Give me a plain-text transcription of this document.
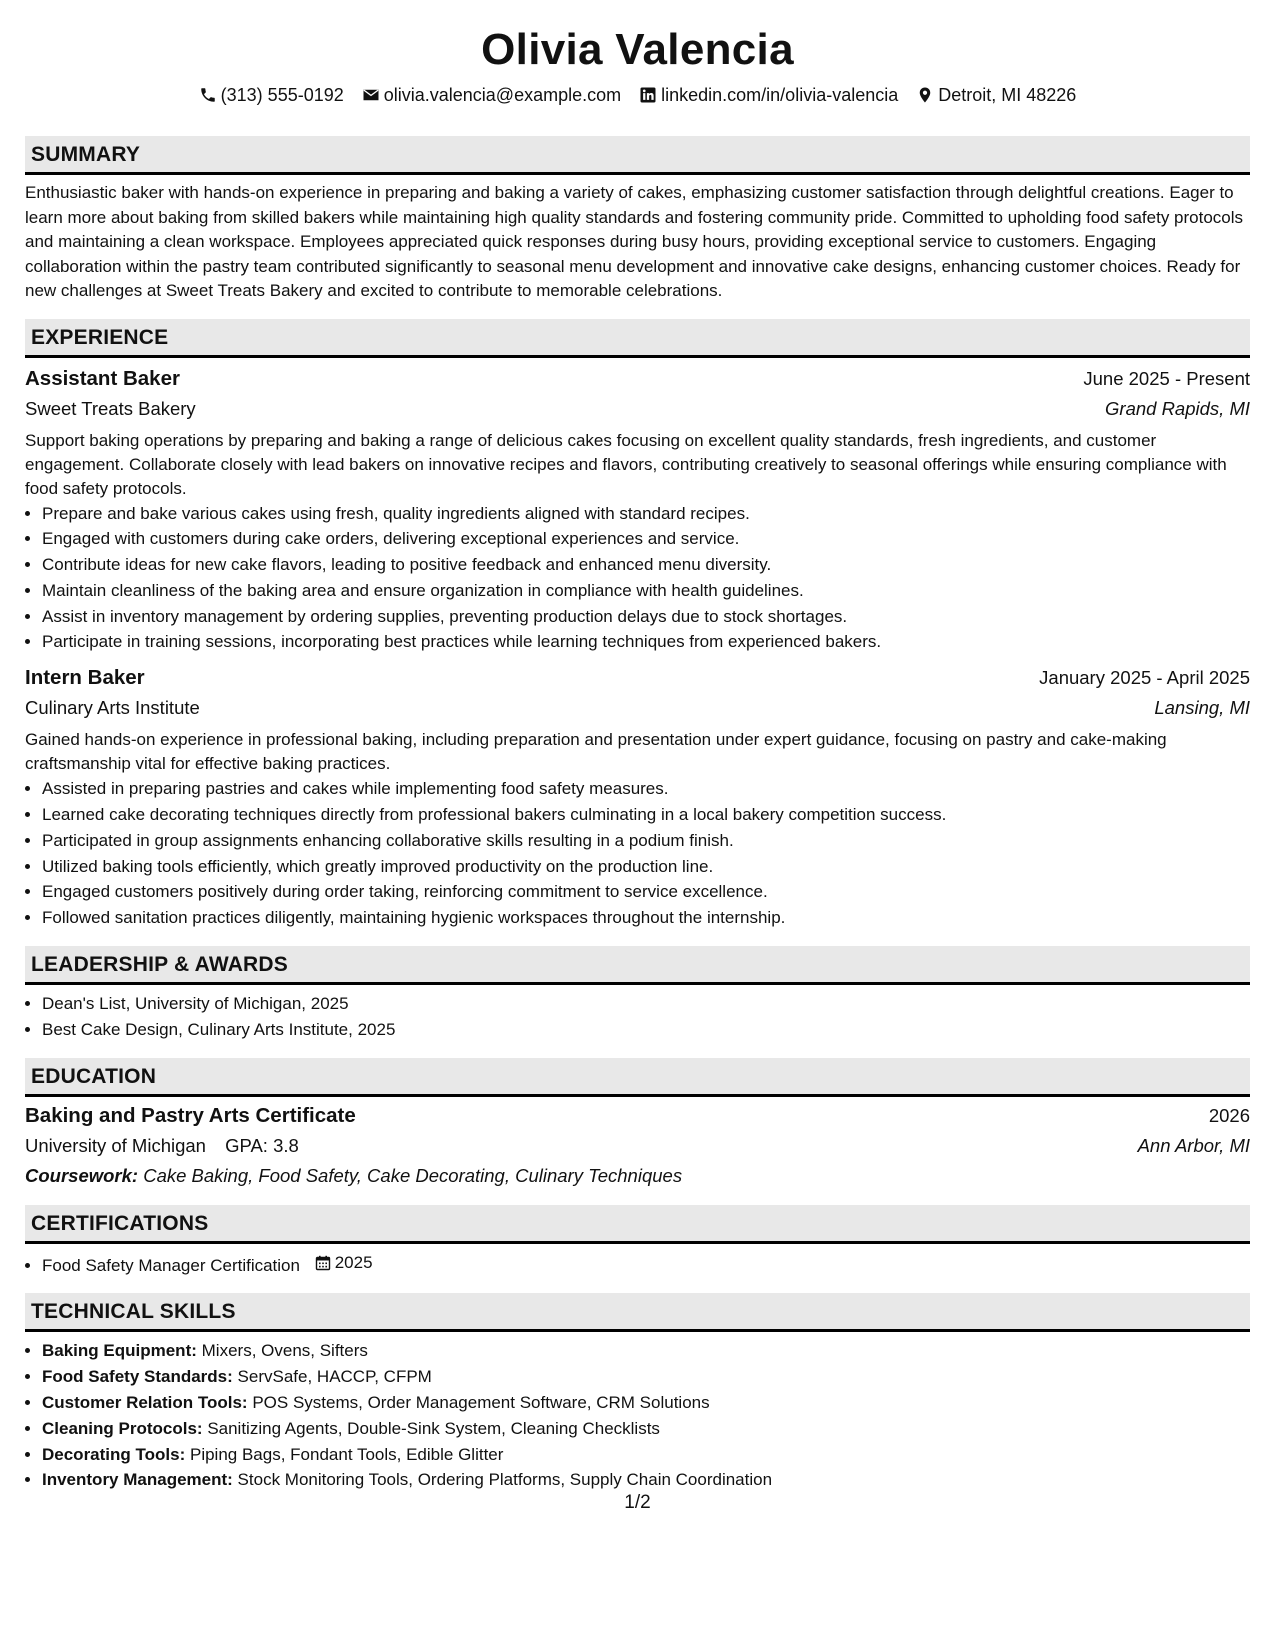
Olivia Valencia
(313) 555-0192 olivia.valencia@example.com linkedin.com/in/olivia-valencia Detroit, MI 48226
SUMMARY
Enthusiastic baker with hands-on experience in preparing and baking a variety of cakes, emphasizing customer satisfaction through delightful creations. Eager to learn more about baking from skilled bakers while maintaining high quality standards and fostering community pride. Committed to upholding food safety protocols and maintaining a clean workspace. Employees appreciated quick responses during busy hours, providing exceptional service to customers. Engaging collaboration within the pastry team contributed significantly to seasonal menu development and innovative cake designs, enhancing customer choices. Ready for new challenges at Sweet Treats Bakery and excited to contribute to memorable celebrations.
EXPERIENCE
Assistant Baker	June 2025 - Present
Sweet Treats Bakery	Grand Rapids, MI
Support baking operations by preparing and baking a range of delicious cakes focusing on excellent quality standards, fresh ingredients, and customer engagement. Collaborate closely with lead bakers on innovative recipes and flavors, contributing creatively to seasonal offerings while ensuring compliance with food safety protocols.
• Prepare and bake various cakes using fresh, quality ingredients aligned with standard recipes.
• Engaged with customers during cake orders, delivering exceptional experiences and service.
• Contribute ideas for new cake flavors, leading to positive feedback and enhanced menu diversity.
• Maintain cleanliness of the baking area and ensure organization in compliance with health guidelines.
• Assist in inventory management by ordering supplies, preventing production delays due to stock shortages.
• Participate in training sessions, incorporating best practices while learning techniques from experienced bakers.
Intern Baker	January 2025 - April 2025
Culinary Arts Institute	Lansing, MI
Gained hands-on experience in professional baking, including preparation and presentation under expert guidance, focusing on pastry and cake-making craftsmanship vital for effective baking practices.
• Assisted in preparing pastries and cakes while implementing food safety measures.
• Learned cake decorating techniques directly from professional bakers culminating in a local bakery competition success.
• Participated in group assignments enhancing collaborative skills resulting in a podium finish.
• Utilized baking tools efficiently, which greatly improved productivity on the production line.
• Engaged customers positively during order taking, reinforcing commitment to service excellence.
• Followed sanitation practices diligently, maintaining hygienic workspaces throughout the internship.
LEADERSHIP & AWARDS
• Dean's List, University of Michigan, 2025
• Best Cake Design, Culinary Arts Institute, 2025
EDUCATION
Baking and Pastry Arts Certificate	2026
University of Michigan GPA: 3.8	Ann Arbor, MI
Coursework: Cake Baking, Food Safety, Cake Decorating, Culinary Techniques
CERTIFICATIONS
• Food Safety Manager Certification 2025
TECHNICAL SKILLS
• Baking Equipment: Mixers, Ovens, Sifters
• Food Safety Standards: ServSafe, HACCP, CFPM
• Customer Relation Tools: POS Systems, Order Management Software, CRM Solutions
• Cleaning Protocols: Sanitizing Agents, Double-Sink System, Cleaning Checklists
• Decorating Tools: Piping Bags, Fondant Tools, Edible Glitter
• Inventory Management: Stock Monitoring Tools, Ordering Platforms, Supply Chain Coordination
1/2
